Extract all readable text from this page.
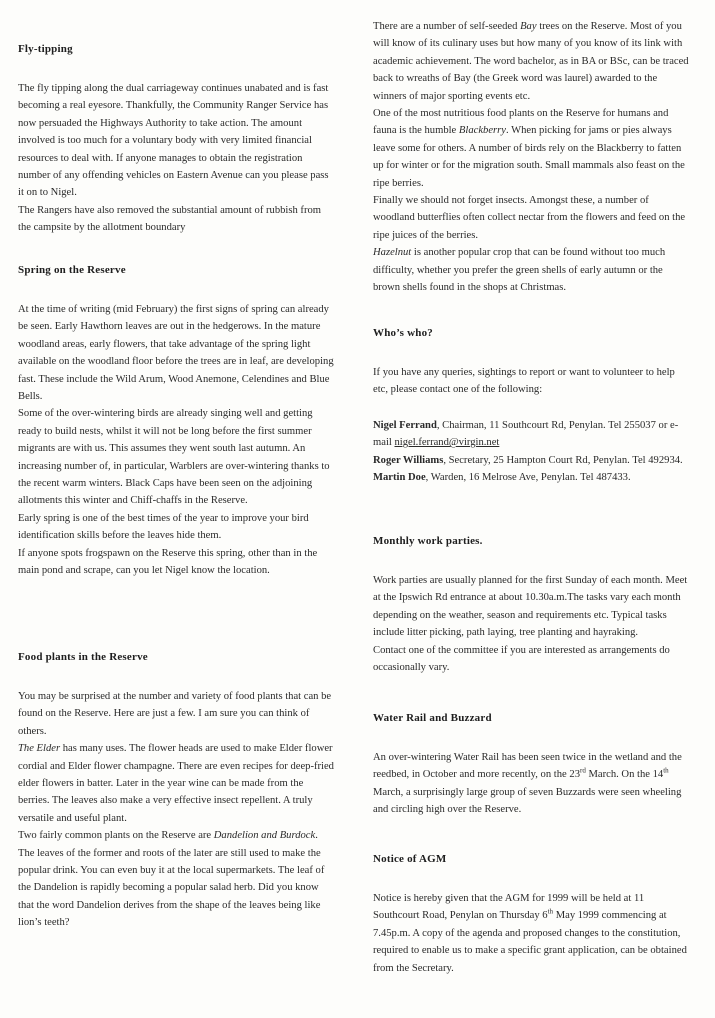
Fly-tipping

The fly tipping along the dual carriageway continues unabated and is fast becoming a real eyesore. Thankfully, the Community Ranger Service has now persuaded the Highways Authority to take action. The amount involved is too much for a voluntary body with very limited financial resources to deal with. If anyone manages to obtain the registration number of any offending vehicles on Eastern Avenue can you please pass it on to Nigel.

The Rangers have also removed the substantial amount of rubbish from the campsite by the allotment boundary

Spring on the Reserve

At the time of writing (mid February) the first signs of spring can already be seen. Early Hawthorn leaves are out in the hedgerows. In the mature woodland areas, early flowers, that take advantage of the spring light available on the woodland floor before the trees are in leaf, are developing fast. These include the Wild Arum, Wood Anemone, Celendines and Blue Bells.

Some of the over-wintering birds are already singing well and getting ready to build nests, whilst it will not be long before the first summer migrants are with us. This assumes they went south last autumn. An increasing number of, in particular, Warblers are over-wintering thanks to the recent warm winters. Black Caps have been seen on the adjoining allotments this winter and Chiff-chaffs in the Reserve.

Early spring is one of the best times of the year to improve your bird identification skills before the leaves hide them.

If anyone spots frogspawn on the Reserve this spring, other than in the main pond and scrape, can you let Nigel know the location.

Food plants in the Reserve

You may be surprised at the number and variety of food plants that can be found on the Reserve. Here are just a few. I am sure you can think of others.

The Elder has many uses. The flower heads are used to make Elder flower cordial and Elder flower champagne. There are even recipes for deep-fried elder flowers in batter. Later in the year wine can be made from the berries. The leaves also make a very effective insect repellent. A truly versatile and useful plant.

Two fairly common plants on the Reserve are Dandelion and Burdock. The leaves of the former and roots of the later are still used to make the popular drink. You can even buy it at the local supermarkets. The leaf of the Dandelion is rapidly becoming a popular salad herb. Did you know that the word Dandelion derives from the shape of the leaves being like lion’s teeth?

There are a number of self-seeded Bay trees on the Reserve. Most of you will know of its culinary uses but how many of you know of its link with academic achievement. The word bachelor, as in BA or BSc, can be traced back to wreaths of Bay (the Greek word was laurel) awarded to the winners of major sporting events etc.

One of the most nutritious food plants on the Reserve for humans and fauna is the humble Blackberry. When picking for jams or pies always leave some for others. A number of birds rely on the Blackberry to fatten up for winter or for the migration south. Small mammals also feast on the ripe berries.

Finally we should not forget insects. Amongst these, a number of woodland butterflies often collect nectar from the flowers and feed on the ripe juices of the berries.

Hazelnut is another popular crop that can be found without too much difficulty, whether you prefer the green shells of early autumn or the brown shells found in the shops at Christmas.

Who’s who?

If you have any queries, sightings to report or want to volunteer to help etc, please contact one of the following:

Nigel Ferrand, Chairman, 11 Southcourt Rd, Penylan. Tel 255037 or e-mail nigel.ferrand@virgin.net

Roger Williams, Secretary, 25 Hampton Court Rd, Penylan. Tel 492934.

Martin Doe, Warden, 16 Melrose Ave, Penylan. Tel 487433.

Monthly work parties.

Work parties are usually planned for the first Sunday of each month. Meet at the Ipswich Rd entrance at about 10.30a.m.The tasks vary each month depending on the weather, season and requirements etc. Typical tasks include litter picking, path laying, tree planting and hayraking.

Contact one of the committee if you are interested as arrangements do occasionally vary.

Water Rail and Buzzard

An over-wintering Water Rail has been seen twice in the wetland and the reedbed, in October and more recently, on the 23rd March. On the 14th March, a surprisingly large group of seven Buzzards were seen wheeling and circling high over the Reserve.

Notice of AGM

Notice is hereby given that the AGM for 1999 will be held at 11 Southcourt Road, Penylan on Thursday 6th May 1999 commencing at 7.45p.m. A copy of the agenda and proposed changes to the constitution, required to enable us to make a specific grant application, can be obtained from the Secretary.
